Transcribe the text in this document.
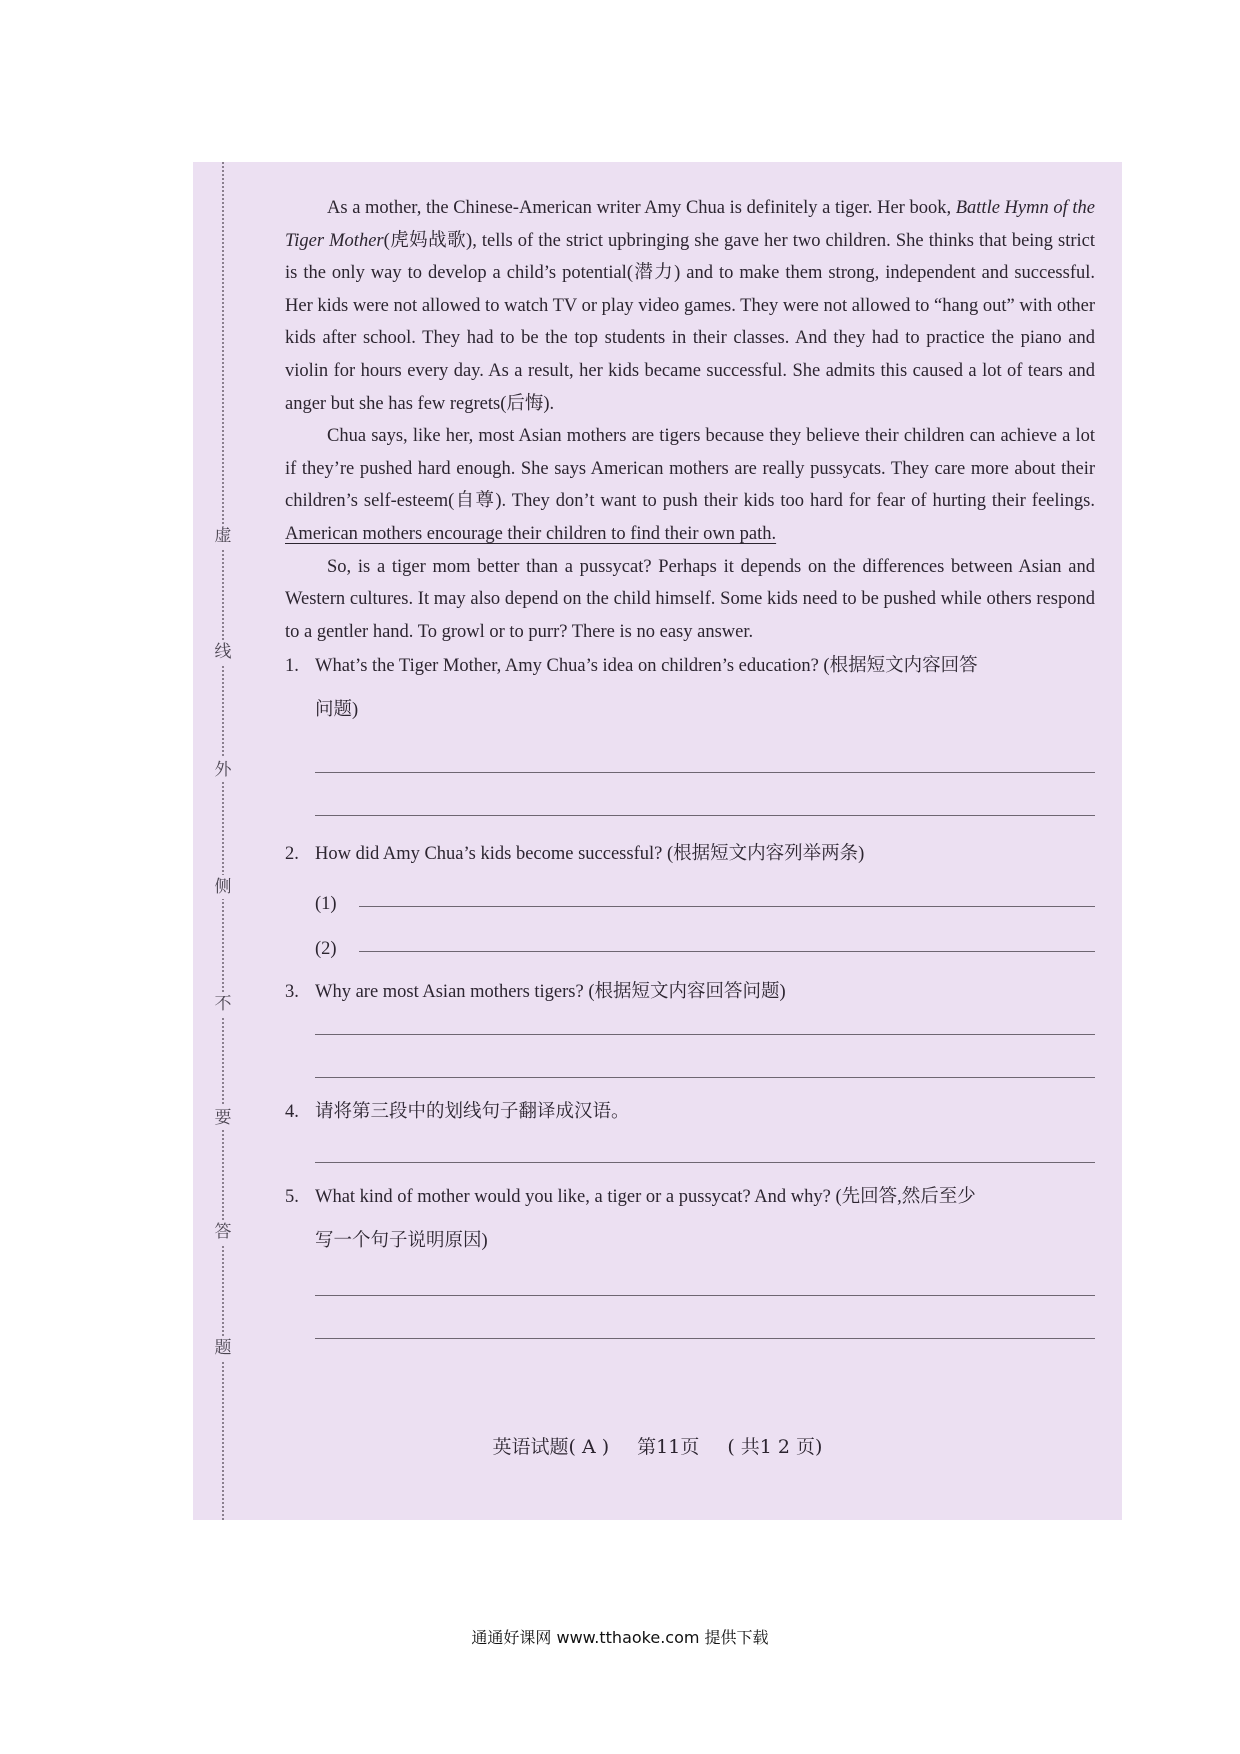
虚
线
外
侧
不
要
答
题

As a mother, the Chinese-American writer Amy Chua is definitely a tiger. Her book, Battle Hymn of the Tiger Mother(虎妈战歌), tells of the strict upbringing she gave her two children. She thinks that being strict is the only way to develop a child’s potential(潜力) and to make them strong, independent and successful. Her kids were not allowed to watch TV or play video games. They were not allowed to “hang out” with other kids after school. They had to be the top students in their classes. And they had to practice the piano and violin for hours every day. As a result, her kids became successful. She admits this caused a lot of tears and anger but she has few regrets(后悔).

Chua says, like her, most Asian mothers are tigers because they believe their children can achieve a lot if they’re pushed hard enough. She says American mothers are really pussycats. They care more about their children’s self-esteem(自尊). They don’t want to push their kids too hard for fear of hurting their feelings. American mothers encourage their children to find their own path.

So, is a tiger mom better than a pussycat? Perhaps it depends on the differences between Asian and Western cultures. It may also depend on the child himself. Some kids need to be pushed while others respond to a gentler hand. To growl or to purr? There is no easy answer.

1. What’s the Tiger Mother, Amy Chua’s idea on children’s education? (根据短文内容回答

问题)

2. How did Amy Chua’s kids become successful? (根据短文内容列举两条)

(1)
(2)

3. Why are most Asian mothers tigers? (根据短文内容回答问题)

4. 请将第三段中的划线句子翻译成汉语。

5. What kind of mother would you like, a tiger or a pussycat? And why? (先回答,然后至少

写一个句子说明原因)
英语试题( A ) 第11页 ( 共1 2 页)
通通好课网 www.tthaoke.com 提供下载
